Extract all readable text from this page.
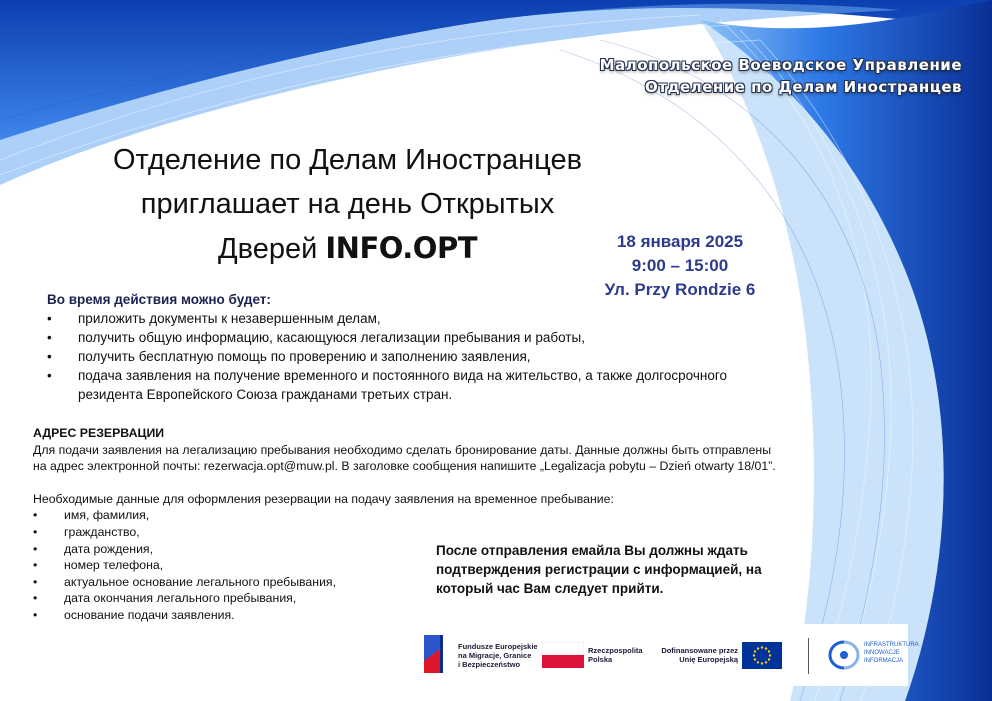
Малопольское Воеводское Управление
Отделение по Делам Иностранцев
Отделение по Делам Иностранцев
приглашает на день Открытых
Дверей INFO.OPT	18 января 2025
9:00 – 15:00
Ул. Przy Rondzie 6
Во время действия можно будет:
•	приложить документы к незавершенным делам,
•	получить общую информацию, касающуюся легализации пребывания и работы,
•	получить бесплатную помощь по проверению и заполнению заявления,
•	подача заявления на получение временного и постоянного вида на жительство, а также долгосрочного резидента Европейского Союза гражданами третьих стран.
АДРЕС РЕЗЕРВАЦИИ
Для подачи заявления на легализацию пребывания необходимо сделать бронирование даты. Данные должны быть отправлены
на адрес электронной почты: rezerwacja.opt@muw.pl. В заголовке сообщения напишите „Legalizacja pobytu – Dzień otwarty 18/01”.
Необходимые данные для оформления резервации на подачу заявления на временное пребывание:
•	имя, фамилия,
•	гражданство,
•	дата рождения,
•	номер телефона,
•	актуальное основание легального пребывания,
•	дата окончания легального пребывания,
•	основание подачи заявления.
После отправления емайла Вы должны ждать
подтверждения регистрации с информацией, на
который час Вам следует прийти.
Fundusze Europejskie
na Migracje, Granice
i Bezpieczeństwo
Rzeczpospolita
Polska
Dofinansowane przez
Unię Europejską
INFRASTRUKTURA
INNOWACJE
INFORMACJA
